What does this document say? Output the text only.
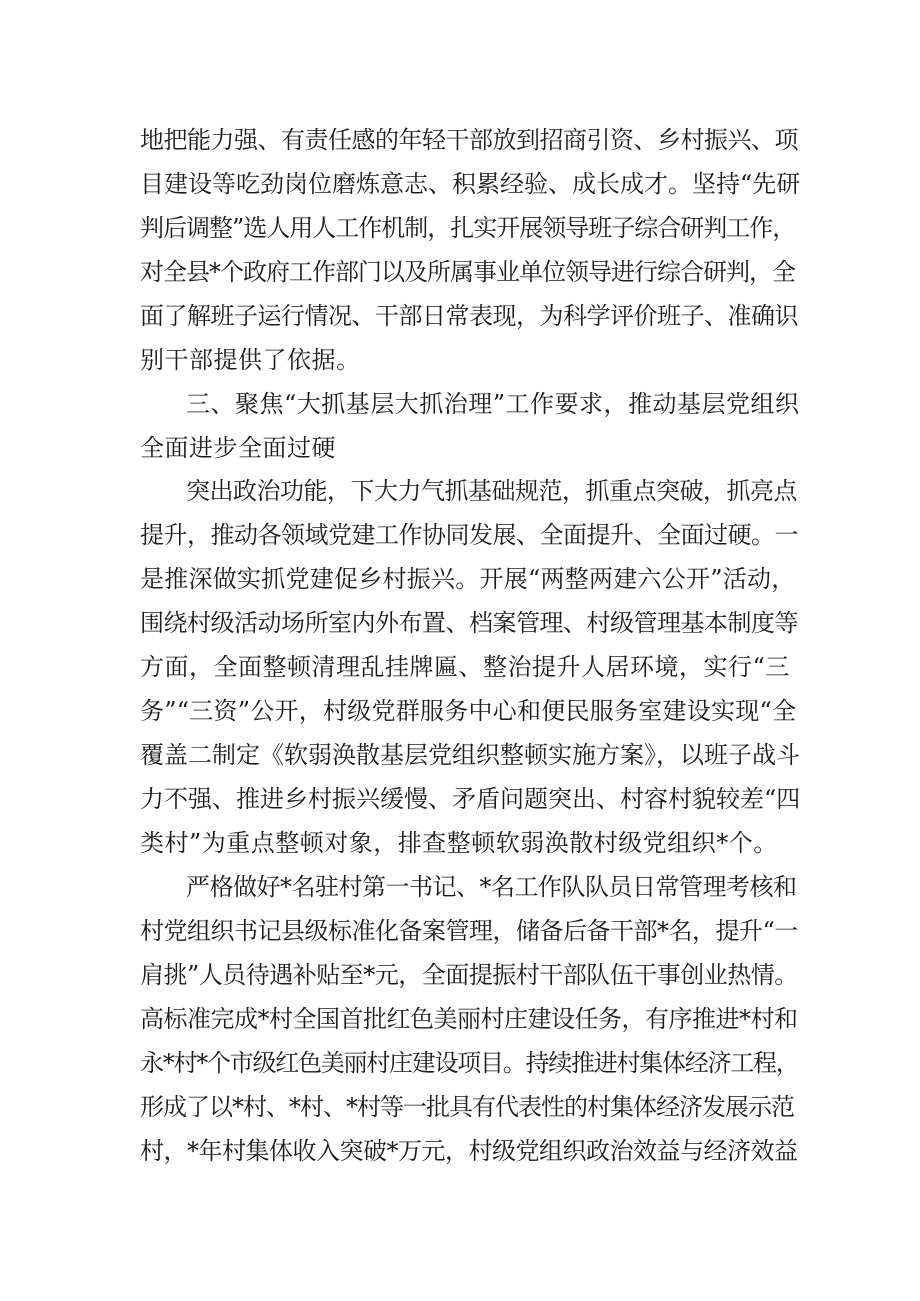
地把能力强、有责任感的年轻干部放到招商引资、乡村振兴、项
目建设等吃劲岗位磨炼意志、积累经验、成长成才。坚持“先研
判后调整”选人用人工作机制，扎实开展领导班子综合研判工作，
对全县*个政府工作部门以及所属事业单位领导进行综合研判，全
面了解班子运行情况、干部日常表现，为科学评价班子、准确识
别干部提供了依据。
三、聚焦“大抓基层大抓治理”工作要求，推动基层党组织
全面进步全面过硬
突出政治功能，下大力气抓基础规范，抓重点突破，抓亮点
提升，推动各领域党建工作协同发展、全面提升、全面过硬。一
是推深做实抓党建促乡村振兴。开展“两整两建六公开”活动，
围绕村级活动场所室内外布置、档案管理、村级管理基本制度等
方面，全面整顿清理乱挂牌匾、整治提升人居环境，实行“三
务”“三资”公开，村级党群服务中心和便民服务室建设实现“全
覆盖二制定《软弱涣散基层党组织整顿实施方案》，以班子战斗
力不强、推进乡村振兴缓慢、矛盾问题突出、村容村貌较差“四
类村”为重点整顿对象，排查整顿软弱涣散村级党组织*个。
严格做好*名驻村第一书记、*名工作队队员日常管理考核和
村党组织书记县级标准化备案管理，储备后备干部*名，提升“一
肩挑”人员待遇补贴至*元，全面提振村干部队伍干事创业热情。
高标准完成*村全国首批红色美丽村庄建设任务，有序推进*村和
永*村*个市级红色美丽村庄建设项目。持续推进村集体经济工程，
形成了以*村、*村、*村等一批具有代表性的村集体经济发展示范
村，*年村集体收入突破*万元，村级党组织政治效益与经济效益
